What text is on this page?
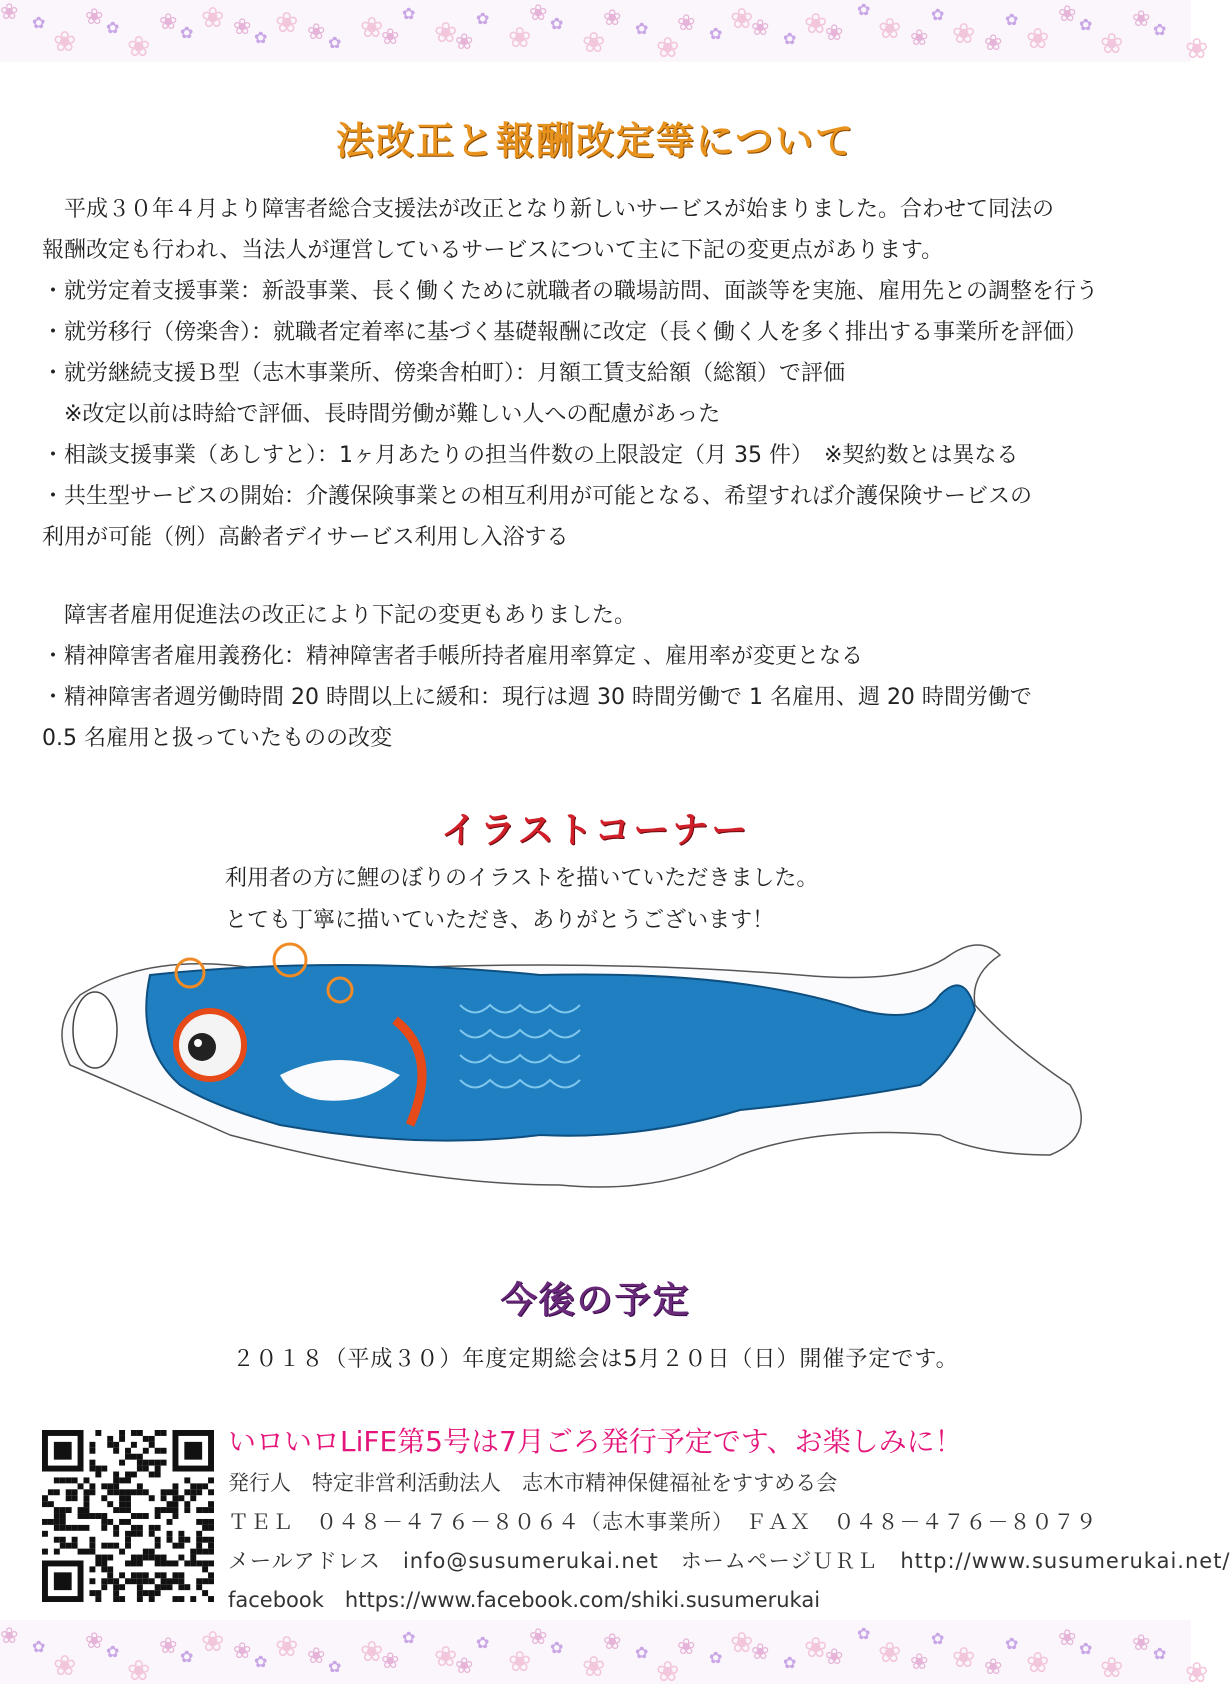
❀ ✿
❀
❀ ✿
❀
❀ ✿ ❀ ❀ ✿ ❀ ❀ ✿ ❀
❀
✿
❀
❀
✿
❀
❀ ✿
❀
❀ ✿
❀
❀ ✿ ❀
❀ ✿ ❀
❀
✿
❀ ❀
✿
❀ ❀
✿
❀
❀ ✿
❀
❀ ✿
❀
法改正と報酬改定等について

　平成３０年４月より障害者総合支援法が改正となり新しいサービスが始まりました。合わせて同法の

報酬改定も行われ、当法人が運営しているサービスについて主に下記の変更点があります。

・就労定着支援事業：新設事業、長く働くために就職者の職場訪問、面談等を実施、雇用先との調整を行う

・就労移行（傍楽舎）：就職者定着率に基づく基礎報酬に改定（長く働く人を多く排出する事業所を評価）

・就労継続支援Ｂ型（志木事業所、傍楽舎柏町）：月額工賃支給額（総額）で評価

　※改定以前は時給で評価、長時間労働が難しい人への配慮があった

・相談支援事業（あしすと）：1ヶ月あたりの担当件数の上限設定（月 35 件）　※契約数とは異なる

・共生型サービスの開始：介護保険事業との相互利用が可能となる、希望すれば介護保険サービスの

利用が可能（例）高齢者デイサービス利用し入浴する

　障害者雇用促進法の改正により下記の変更もありました。

・精神障害者雇用義務化：精神障害者手帳所持者雇用率算定 、雇用率が変更となる

・精神障害者週労働時間 20 時間以上に緩和：現行は週 30 時間労働で 1 名雇用、週 20 時間労働で

0.5 名雇用と扱っていたものの改変

イラストコーナー

利用者の方に鯉のぼりのイラストを描いていただきました。

とても丁寧に描いていただき、ありがとうございます！

今後の予定
２０１８（平成３０）年度定期総会は5月２０日（日）開催予定です。

いロいロLiFE第5号は7月ごろ発行予定です、お楽しみに！

発行人　特定非営利活動法人　志木市精神保健福祉をすすめる会

ＴＥＬ　０４８－４７６－８０６４（志木事業所）　ＦＡＸ　０４８－４７６－８０７９

メールアドレス　info@susumerukai.net　ホームページＵＲＬ　http://www.susumerukai.net/

facebook　https://www.facebook.com/shiki.susumerukai

❀ ✿
❀
❀ ✿
❀
❀ ✿ ❀ ❀ ✿ ❀ ❀ ✿ ❀
❀
✿
❀
❀
✿
❀
❀ ✿
❀
❀ ✿
❀
❀ ✿ ❀
❀ ✿ ❀
❀
✿
❀ ❀
✿
❀ ❀
✿
❀
❀ ✿
❀
❀ ✿
❀
